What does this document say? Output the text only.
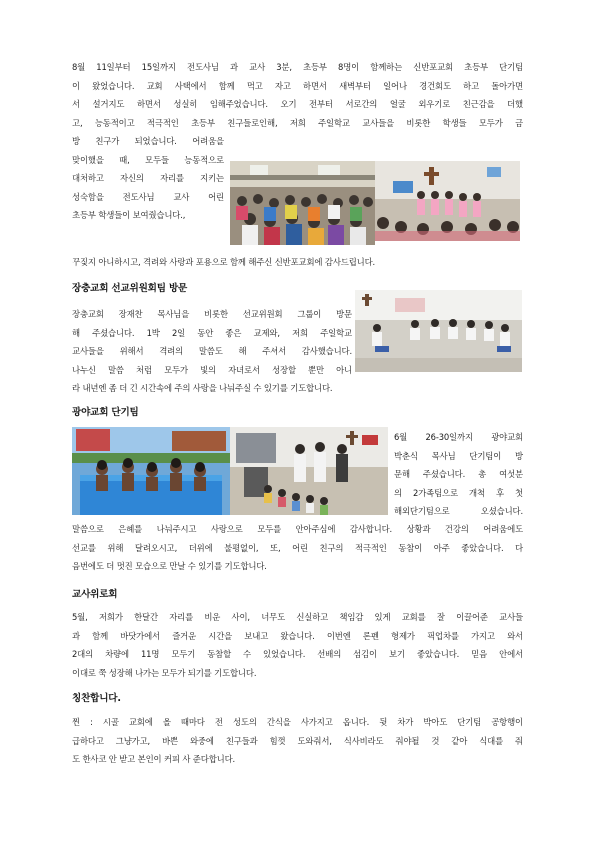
8월 11일부터 15일까지 전도사님 과 교사 3분, 초등부 8명이 함께하는 신반포교회 초등부 단기팀

이 왔었습니다. 교회 사택에서 함께 먹고 자고 하면서 새벽부터 일어나 경건회도 하고 돌아가면

서 설거지도 하면서 성실히 임해주었습니다. 오기 전부터 서로간의 얼굴 외우기로 친근감을 더했

고, 능동적이고 적극적인 초등부 친구들로인해, 저희 주일학교 교사들을 비롯한 학생들 모두가 금

방 친구가 되었습니다. 어려움을

맞이했을 때, 모두들 능동적으로

대처하고 자신의 자리를 지키는

성숙함을 전도사님 교사 어린

초등부 학생들이 보여줬습니다.,

꾸짖지 아니하시고, 격려와 사랑과 포용으로 함께 해주신 신반포교회에 감사드립니다.

장충교회 선교위원회팀 방문

장충교회 장재찬 목사님을 비롯한 선교위원회 그룹이 방문

해 주셨습니다. 1박 2일 동안 좋은 교제와, 저희 주일학교

교사들을 위해서 격려의 말씀도 해 주셔서 감사했습니다.

나누신 말씀 처럼 모두가 빛의 자녀로서 성장할 뿐만 아니

라 내년엔 좀 더 긴 시간속에 주의 사랑을 나눠주실 수 있기를 기도합니다.

광야교회 단기팀

6월 26-30일까지 광야교회

박춘식 목사님 단기팀이 방

문해 주셨습니다. 총 여섯분

의 2가족팀으로 개척 후 첫

해외단기팀으로 오셨습니다.

말씀으로 은혜를 나눠주시고 사랑으로 모두를 안아주심에 감사합니다. 상황과 건강의 어려움에도

선교를 위해 달려오시고, 더위에 불평없이, 또, 어린 친구의 적극적인 동참이 아주 좋았습니다. 다

음번에도 더 멋진 모습으로 만날 수 있기를 기도합니다.

교사위로회

5월, 저희가 한달간 자리를 비운 사이, 너무도 신실하고 책임감 있게 교회를 잘 이끌어준 교사들

과 함께 바닷가에서 즐거운 시간을 보내고 왔습니다. 이번엔 론펜 형제가 픽업차를 가지고 와서

2대의 차량에 11명 모두기 동참할 수 있었습니다. 선배의 섬김이 보기 좋았습니다. 믿음 안에서

이대로 쭉 성장해 나가는 모두가 되기를 기도합니다.

칭찬합니다.

찐 : 시골 교회에 올 때마다 전 성도의 간식을 사가지고 옵니다. 뒷 차가 박아도 단기팀 공항행이

급하다고 그냥가고, 바쁜 와중에 친구들과 힘껏 도와줘서, 식사비라도 줘야될 것 같아 식대를 줘

도 한사코 안 받고 본인이 커피 사 준다합니다.
